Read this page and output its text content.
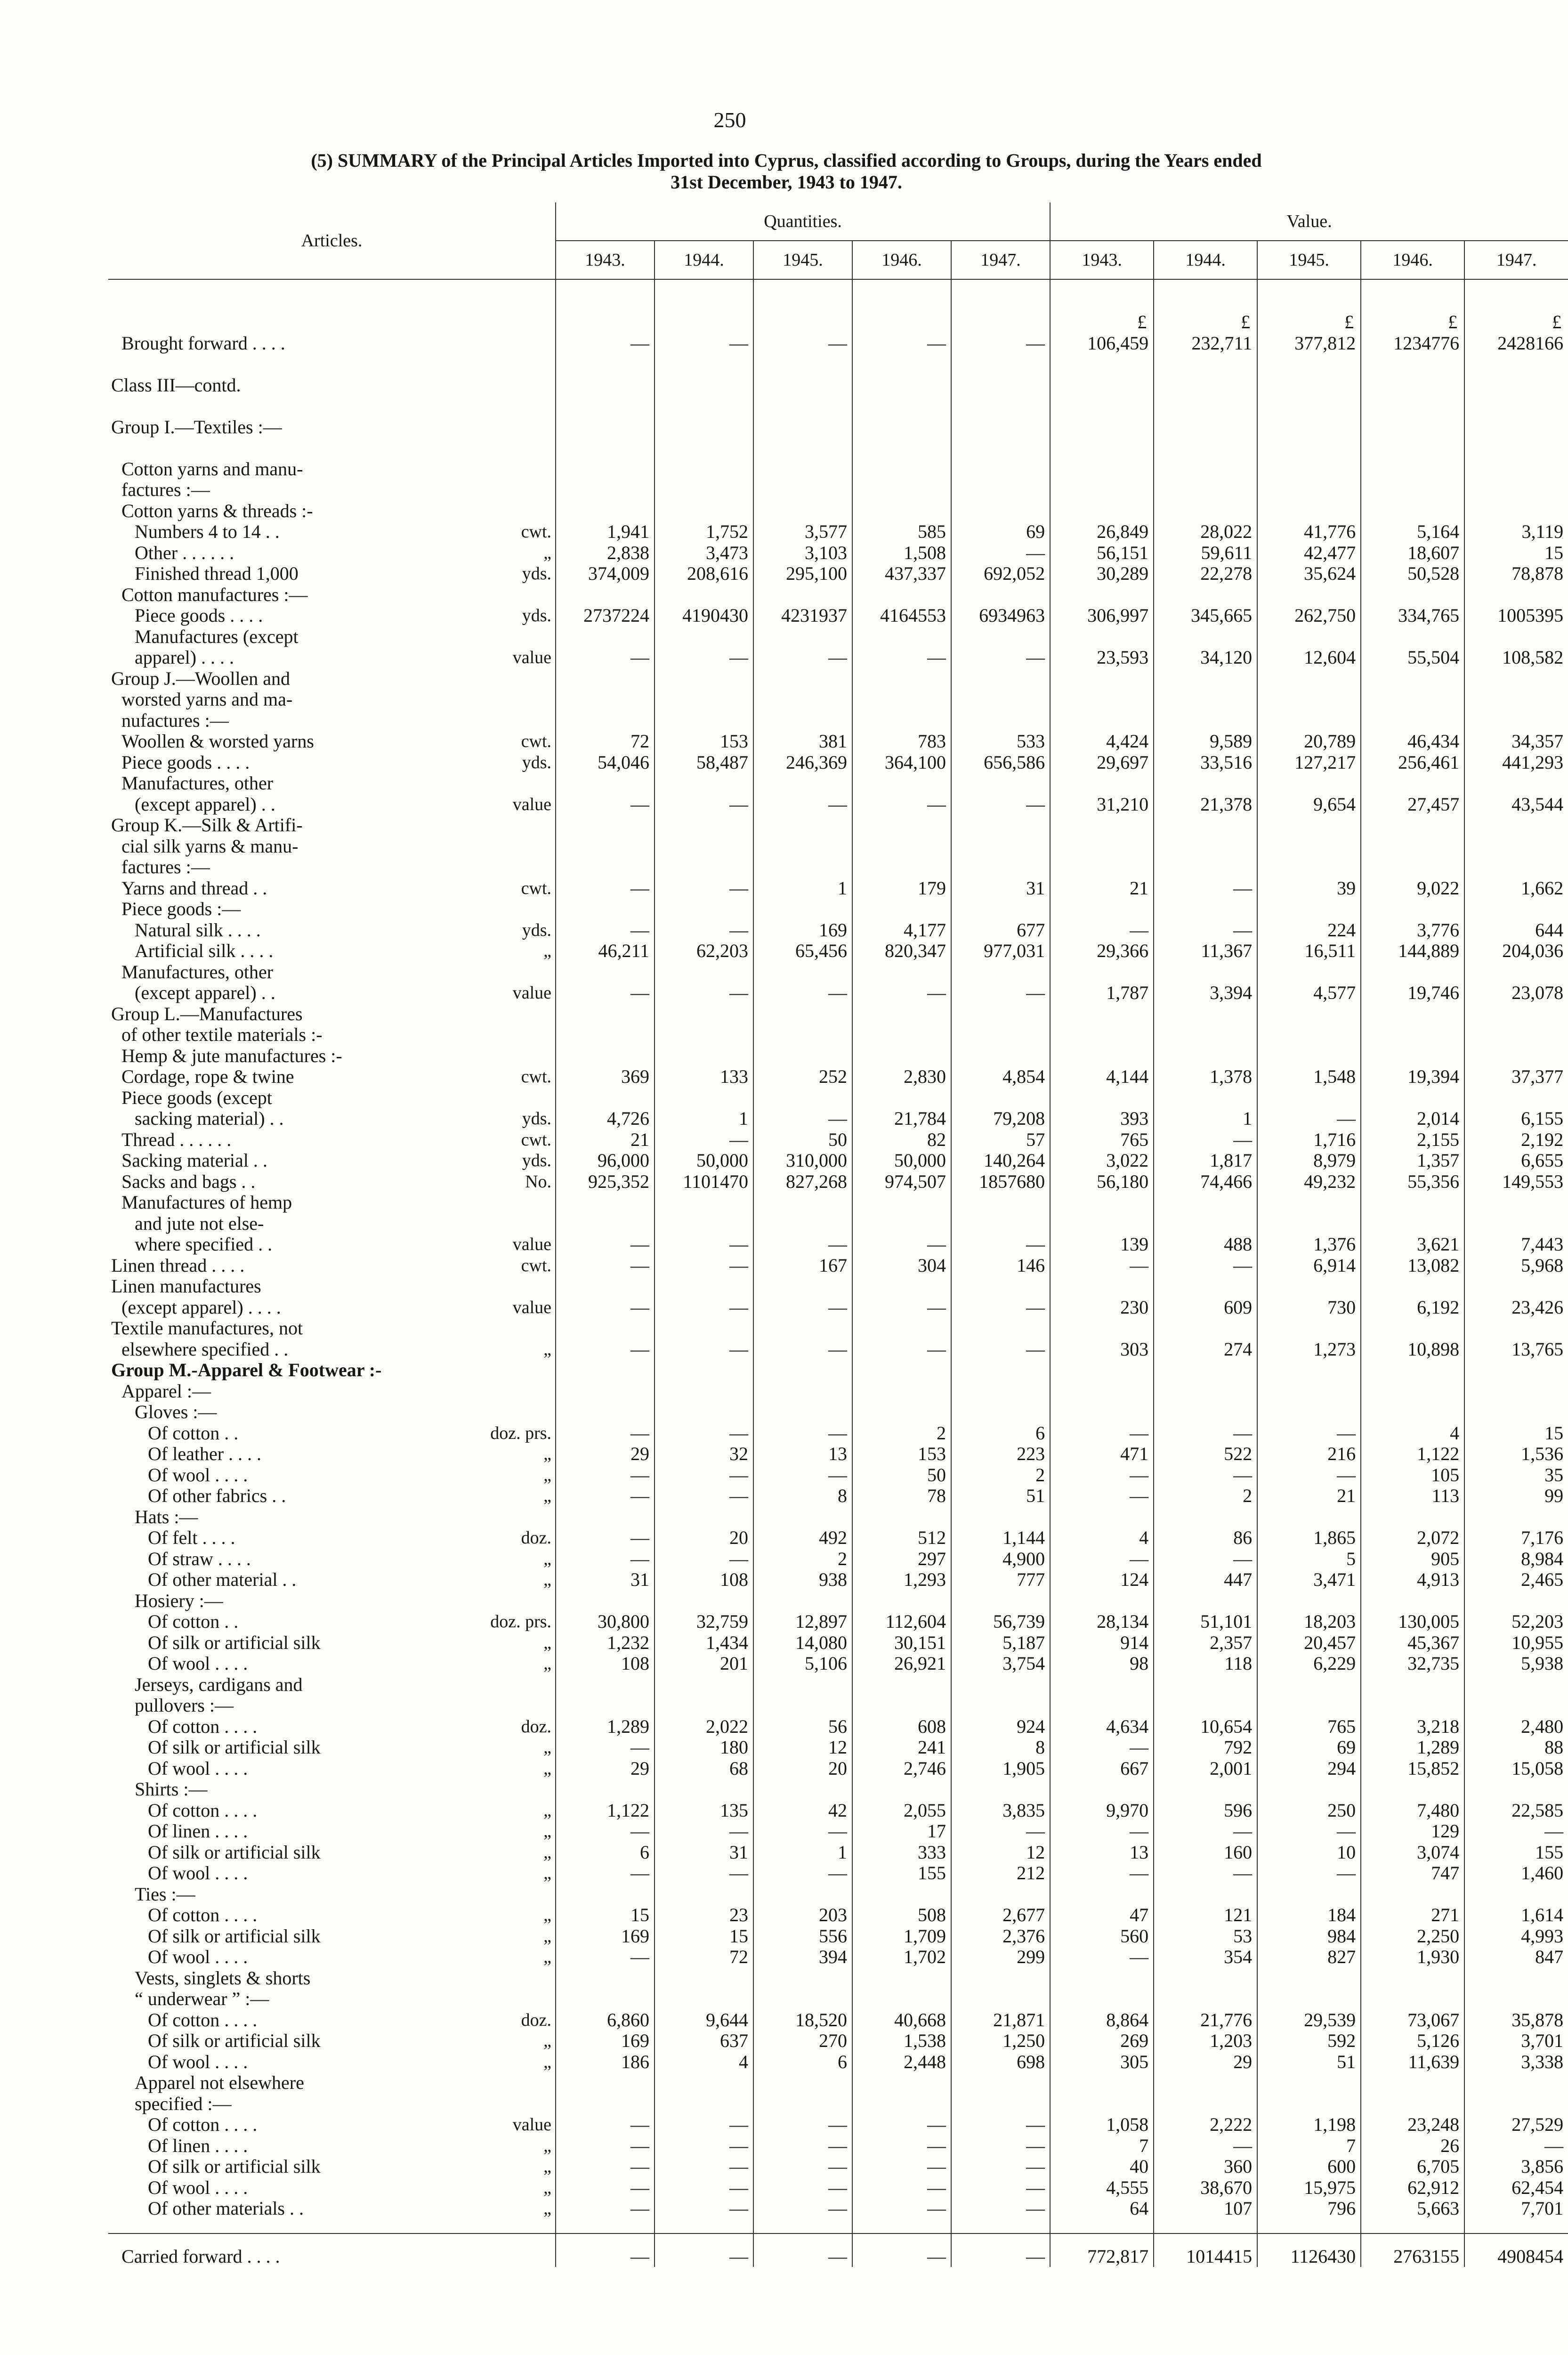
250
(5) SUMMARY of the Principal Articles Imported into Cyprus, classified according to Groups, during the Years ended
31st December, 1943 to 1947.
Articles.		Quantities.					Value.				
		1943.	1944.	1945.	1946.	1947.	1943.	1944.	1945.	1946.	1947.

							£	£	£	£	£
Brought forward . . . .		—	—	—	—	—	106,459	232,711	377,812	1234776	2428166

Class III—contd.											

Group I.—Textiles :—											

Cotton yarns and manu-											
factures :—											
Cotton yarns & threads :-											
Numbers 4 to 14 . .	cwt.	1,941	1,752	3,577	585	69	26,849	28,022	41,776	5,164	3,119
Other . . . . . .	„	2,838	3,473	3,103	1,508	—	56,151	59,611	42,477	18,607	15
Finished thread 1,000	yds.	374,009	208,616	295,100	437,337	692,052	30,289	22,278	35,624	50,528	78,878
Cotton manufactures :—											
Piece goods . . . .	yds.	2737224	4190430	4231937	4164553	6934963	306,997	345,665	262,750	334,765	1005395
Manufactures (except											
apparel) . . . .	value	—	—	—	—	—	23,593	34,120	12,604	55,504	108,582
Group J.—Woollen and											
worsted yarns and ma-											
nufactures :—											
Woollen & worsted yarns	cwt.	72	153	381	783	533	4,424	9,589	20,789	46,434	34,357
Piece goods . . . .	yds.	54,046	58,487	246,369	364,100	656,586	29,697	33,516	127,217	256,461	441,293
Manufactures, other											
(except apparel) . .	value	—	—	—	—	—	31,210	21,378	9,654	27,457	43,544
Group K.—Silk & Artifi-											
cial silk yarns & manu-											
factures :—											
Yarns and thread . .	cwt.	—	—	1	179	31	21	—	39	9,022	1,662
Piece goods :—											
Natural silk . . . .	yds.	—	—	169	4,177	677	—	—	224	3,776	644
Artificial silk . . . .	„	46,211	62,203	65,456	820,347	977,031	29,366	11,367	16,511	144,889	204,036
Manufactures, other											
(except apparel) . .	value	—	—	—	—	—	1,787	3,394	4,577	19,746	23,078
Group L.—Manufactures											
of other textile materials :-											
Hemp & jute manufactures :-											
Cordage, rope & twine	cwt.	369	133	252	2,830	4,854	4,144	1,378	1,548	19,394	37,377
Piece goods (except											
sacking material) . .	yds.	4,726	1	—	21,784	79,208	393	1	—	2,014	6,155
Thread . . . . . .	cwt.	21	—	50	82	57	765	—	1,716	2,155	2,192
Sacking material . .	yds.	96,000	50,000	310,000	50,000	140,264	3,022	1,817	8,979	1,357	6,655
Sacks and bags . .	No.	925,352	1101470	827,268	974,507	1857680	56,180	74,466	49,232	55,356	149,553
Manufactures of hemp											
and jute not else-											
where specified . .	value	—	—	—	—	—	139	488	1,376	3,621	7,443
Linen thread . . . .	cwt.	—	—	167	304	146	—	—	6,914	13,082	5,968
Linen manufactures											
(except apparel) . . . .	value	—	—	—	—	—	230	609	730	6,192	23,426
Textile manufactures, not											
elsewhere specified . .	„	—	—	—	—	—	303	274	1,273	10,898	13,765
Group M.-Apparel & Footwear :-											
Apparel :—											
Gloves :—											
Of cotton . .	doz. prs.	—	—	—	2	6	—	—	—	4	15
Of leather . . . .	„	29	32	13	153	223	471	522	216	1,122	1,536
Of wool . . . .	„	—	—	—	50	2	—	—	—	105	35
Of other fabrics . .	„	—	—	8	78	51	—	2	21	113	99
Hats :—											
Of felt . . . .	doz.	—	20	492	512	1,144	4	86	1,865	2,072	7,176
Of straw . . . .	„	—	—	2	297	4,900	—	—	5	905	8,984
Of other material . .	„	31	108	938	1,293	777	124	447	3,471	4,913	2,465
Hosiery :—											
Of cotton . .	doz. prs.	30,800	32,759	12,897	112,604	56,739	28,134	51,101	18,203	130,005	52,203
Of silk or artificial silk	„	1,232	1,434	14,080	30,151	5,187	914	2,357	20,457	45,367	10,955
Of wool . . . .	„	108	201	5,106	26,921	3,754	98	118	6,229	32,735	5,938
Jerseys, cardigans and											
pullovers :—											
Of cotton . . . .	doz.	1,289	2,022	56	608	924	4,634	10,654	765	3,218	2,480
Of silk or artificial silk	„	—	180	12	241	8	—	792	69	1,289	88
Of wool . . . .	„	29	68	20	2,746	1,905	667	2,001	294	15,852	15,058
Shirts :—											
Of cotton . . . .	„	1,122	135	42	2,055	3,835	9,970	596	250	7,480	22,585
Of linen . . . .	„	—	—	—	17	—	—	—	—	129	—
Of silk or artificial silk	„	6	31	1	333	12	13	160	10	3,074	155
Of wool . . . .	„	—	—	—	155	212	—	—	—	747	1,460
Ties :—											
Of cotton . . . .	„	15	23	203	508	2,677	47	121	184	271	1,614
Of silk or artificial silk	„	169	15	556	1,709	2,376	560	53	984	2,250	4,993
Of wool . . . .	„	—	72	394	1,702	299	—	354	827	1,930	847
Vests, singlets & shorts											
“ underwear ” :—											
Of cotton . . . .	doz.	6,860	9,644	18,520	40,668	21,871	8,864	21,776	29,539	73,067	35,878
Of silk or artificial silk	„	169	637	270	1,538	1,250	269	1,203	592	5,126	3,701
Of wool . . . .	„	186	4	6	2,448	698	305	29	51	11,639	3,338
Apparel not elsewhere											
specified :—											
Of cotton . . . .	value	—	—	—	—	—	1,058	2,222	1,198	23,248	27,529
Of linen . . . .	„	—	—	—	—	—	7	—	7	26	—
Of silk or artificial silk	„	—	—	—	—	—	40	360	600	6,705	3,856
Of wool . . . .	„	—	—	—	—	—	4,555	38,670	15,975	62,912	62,454
Of other materials . .	„	—	—	—	—	—	64	107	796	5,663	7,701

Carried forward . . . .		—	—	—	—	—	772,817	1014415	1126430	2763155	4908454
